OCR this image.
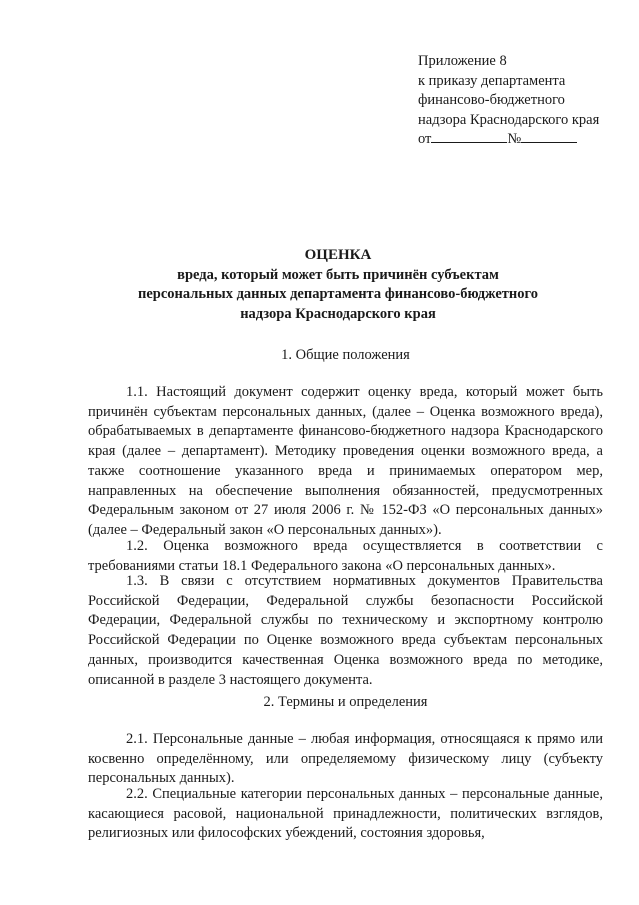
Приложение 8
к приказу департамента
финансово-бюджетного
надзора Краснодарского края
от	№
ОЦЕНКА
вреда, который может быть причинён субъектам
персональных данных департамента финансово-бюджетного
надзора Краснодарского края
1. Общие положения

1.1. Настоящий документ содержит оценку вреда, который может быть причинён субъектам персональных данных, (далее – Оценка возможного вреда), обрабатываемых в департаменте финансово-бюджетного надзора Краснодарского края (далее – департамент). Методику проведения оценки возможного вреда, а также соотношение указанного вреда и принимаемых оператором мер, направленных на обеспечение выполнения обязанностей, предусмотренных Федеральным законом от 27 июля 2006 г. № 152-ФЗ «О персональных данных» (далее – Федеральный закон «О персональных данных»).

1.2. Оценка возможного вреда осуществляется в соответствии с требованиями статьи 18.1 Федерального закона «О персональных данных».

1.3. В связи с отсутствием нормативных документов Правительства Российской Федерации, Федеральной службы безопасности Российской Федерации, Федеральной службы по техническому и экспортному контролю Российской Федерации по Оценке возможного вреда субъектам персональных данных, производится качественная Оценка возможного вреда по методике, описанной в разделе 3 настоящего документа.

2. Термины и определения

2.1. Персональные данные – любая информация, относящаяся к прямо или косвенно определённому, или определяемому физическому лицу (субъекту персональных данных).

2.2. Специальные категории персональных данных – персональные данные, касающиеся расовой, национальной принадлежности, политических взглядов, религиозных или философских убеждений, состояния здоровья,
